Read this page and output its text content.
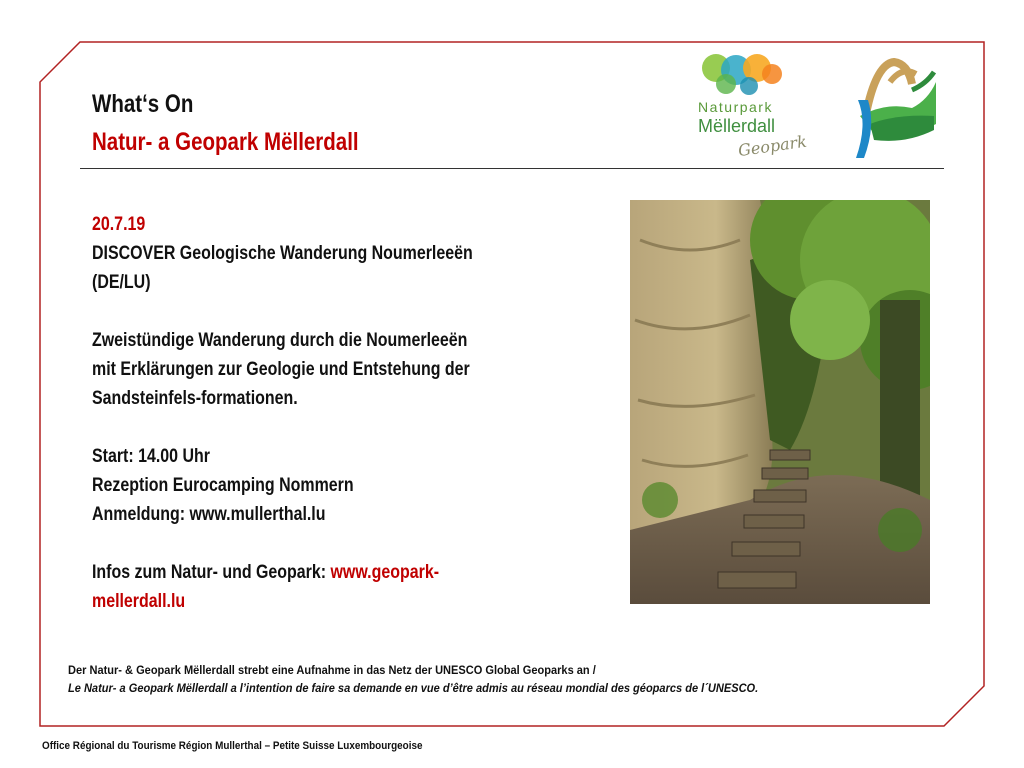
What‘s On
Natur- a Geopark Mëllerdall
Naturpark
Mëllerdall
Geopark
20.7.19
DISCOVER Geologische Wanderung Noumerleeën
(DE/LU)
Zweistündige Wanderung durch die Noumerleeën
mit Erklärungen zur Geologie und Entstehung der
Sandsteinfels-formationen.
Start: 14.00 Uhr
Rezeption Eurocamping Nommern
Anmeldung: www.mullerthal.lu
Infos zum Natur- und Geopark: www.geopark-
mellerdall.lu
Der Natur- & Geopark Mëllerdall strebt eine Aufnahme in das Netz der UNESCO Global Geoparks an /
Le Natur- a Geopark Mëllerdall a l’intention de faire sa demande en vue d’être admis au réseau mondial des géoparcs de l´UNESCO.
Office Régional du Tourisme Région Mullerthal – Petite Suisse Luxembourgeoise
